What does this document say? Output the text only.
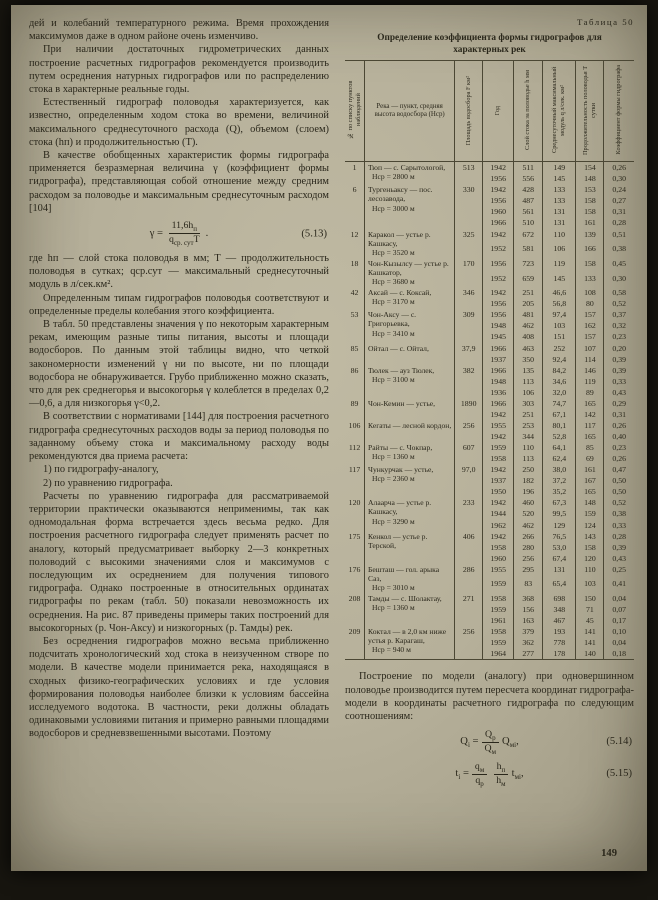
дей и колебаний температурного режима. Время прохождения максимумов даже в одном районе очень изменчиво.

При наличии достаточных гидрометрических данных построение расчетных гидрографов рекомендуется производить путем осреднения натурных гидрографов или по распределению стока в характерные реальные годы.

Естественный гидрограф половодья характеризуется, как известно, определенным ходом стока во времени, величиной максимального среднесуточного расхода (Q), объемом (слоем) стока (hп) и продолжительностью (Т).

В качестве обобщенных характеристик формы гидрографа применяется безразмерная величина γ (коэффициент формы гидрографа), представляющая собой отношение между средним расходом за половодье и максимальным среднесуточным расходом [104]

$\gamma = \frac{11,6h_п}{q_{ср. сут}Т}$ .	(5.13)

где hп — слой стока половодья в мм; Т — продолжительность половодья в сутках; qср.сут — максимальный среднесуточный модуль в л/сек.км².

Определенным типам гидрографов половодья соответствуют и определенные пределы колебания этого коэффициента.

В табл. 50 представлены значения γ по некоторым характерным рекам, имеющим разные типы питания, высоты и площади водосборов. По данным этой таблицы видно, что четкой закономерности изменений γ ни по высоте, ни по площади водосбора не обнаруживается. Грубо приближенно можно сказать, что для рек среднегорья и высокогорья γ колеблется в пределах 0,2—0,6, а для низкогорья γ<0,2.

В соответствии с нормативами [144] для построения расчетного гидрографа среднесуточных расходов воды за период половодья по заданному объему стока и максимальному расходу воды рекомендуются два приема расчета:

1) по гидрографу-аналогу,

2) по уравнению гидрографа.

Расчеты по уравнению гидрографа для рассматриваемой территории практически оказываются неприменимы, так как одномодальная форма встречается здесь весьма редко. Для построения расчетного гидрографа следует применять расчет по аналогу, который предусматривает выборку 2—3 конкретных половодий с высокими значениями слоя и максимумов с последующим их осреднением для получения типового гидрографа. Однако построенные в относительных ординатах гидрографы по рекам (табл. 50) показали невозможность их осреднения. На рис. 87 приведены примеры таких построений для высокогорных (р. Чон-Аксу) и низкогорных (р. Тамды) рек.

Без осреднения гидрографов можно весьма приближенно подсчитать хронологический ход стока в неизученном створе по модели. В качестве модели принимается река, находящаяся в сходных физико-географических условиях и где условия формирования половодья наиболее близки к условиям бассейна исследуемого водотока. В частности, реки должны обладать одинаковыми условиями питания и примерно равными площадями водосборов и средневзвешенными высотами. Поэтому

Таблица 50
Определение коэффициента формы гидрографов для характерных рек
№ по списку пунктов наблюдений	Река — пункт, средняя высота водосбора (Нср)	Площадь водосбора F км²	Год	Слой стока за половодье h мм	Среднесуточный максимальный модуль q л/сек. км²	Продолжительность половодья Т сутки	Коэффициент формы гидрографа
1	Тюп — с. Сарытологой,
Нср = 2800 м	513	1942	511	149	154	0,26
			1956	556	145	148	0,30
6	Тургеньаксу — пос. лесозавода,
Нср = 3000 м	330	1942	428	133	153	0,24
			1956	487	133	158	0,27
			1960	561	131	158	0,31
			1966	510	131	161	0,28
12	Каракол — устье р. Кашкасу,
Нср = 3520 м	325	1942	672	110	139	0,51
			1952	581	106	166	0,38
18	Чон-Кызылсу — устье р. Кашкатор,
Нср = 3680 м	170	1956	723	119	158	0,45
			1952	659	145	133	0,30
42	Аксай — с. Коксай,
Нср = 3170 м	346	1942	251	46,6	108	0,58
			1956	205	56,8	80	0,52
53	Чон-Аксу — с. Григорьевка,
Нср = 3410 м	309	1956	481	97,4	157	0,37
			1948	462	103	162	0,32
			1945	408	151	157	0,23
85	Ойтал — с. Ойтал,	37,9	1966	463	252	107	0,20
			1937	350	92,4	114	0,39
86	Тюлек — ауз Тюлек,
Нср = 3100 м	382	1966	135	84,2	146	0,39
			1948	113	34,6	119	0,33
			1936	106	32,0	89	0,43
89	Чон-Кемин — устье,	1890	1966	303	74,7	165	0,29
			1942	251	67,1	142	0,31
106	Кегаты — лесной кордон,	256	1955	253	80,1	117	0,26
			1942	344	52,8	165	0,40
112	Райты — с. Чокпар,
Нср = 1360 м	607	1959	110	64,1	85	0,23
			1958	113	62,4	69	0,26
117	Чункурчак — устье,
Нср = 2360 м	97,0	1942	250	38,0	161	0,47
			1937	182	37,2	167	0,50
			1950	196	35,2	165	0,50
120	Алаарча — устье р. Кашкасу,
Нср = 3290 м	233	1942	460	67,3	148	0,52
			1944	520	99,5	159	0,38
			1962	462	129	124	0,33
175	Кенкол — устье р. Терской,	406	1942	266	76,5	143	0,28
			1958	280	53,0	158	0,39
			1960	256	67,4	120	0,43
176	Бешташ — гол. арыка Саз,
Нср = 3010 м	286	1955	295	131	110	0,25
			1959	83	65,4	103	0,41
208	Тамды — с. Шолактау,
Нср = 1360 м	271	1958	368	698	150	0,04
			1959	156	348	71	0,07
			1961	163	467	45	0,17
209	Коктал — в 2,0 км ниже устья р. Карагаш,
Нср = 940 м	256	1958	379	193	141	0,10
			1959	362	778	141	0,04
			1964	277	178	140	0,18

Построение по модели (аналогу) при одновершинном половодье производится путем пересчета координат гидрографа-модели в координаты расчетного гидрографа по следующим соотношениям:

$Q_i = \frac{Q_р}{Q_м} Q_{мi}$,	(5.14)
$t_i = \frac{q_м}{q_р} \frac{h_п}{h_м} t_{мi}$,	(5.15)
149
